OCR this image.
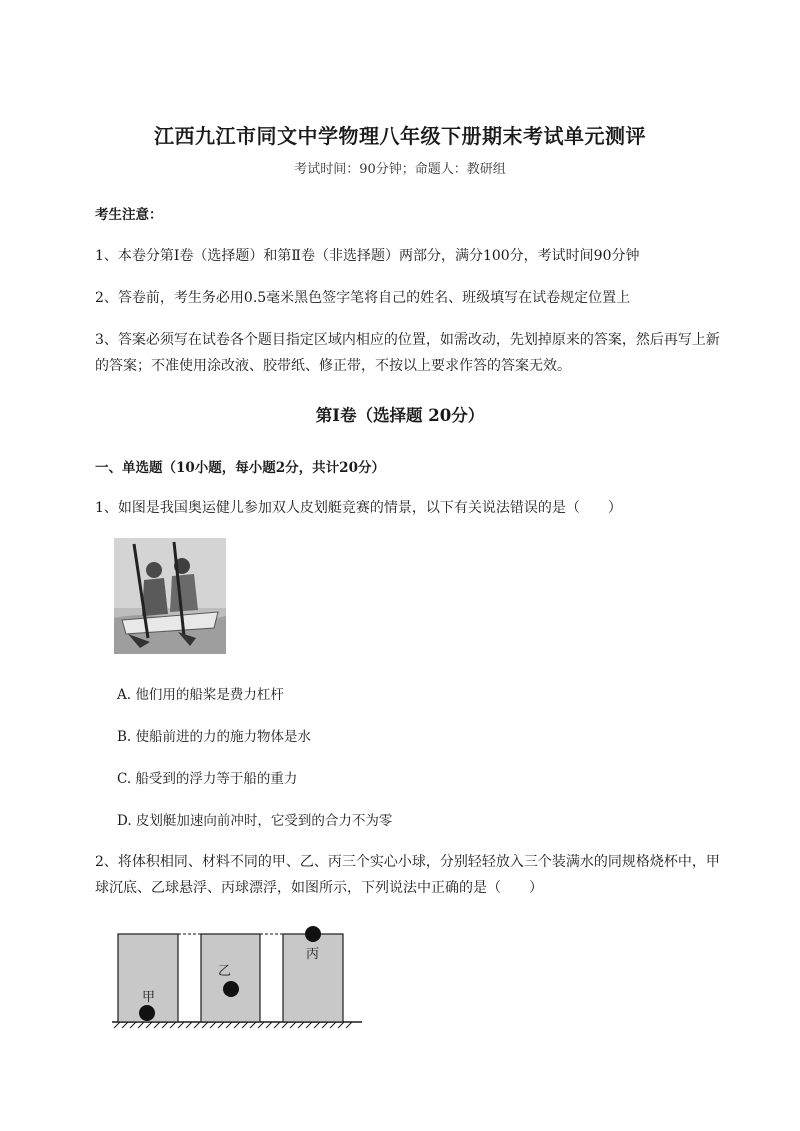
江西九江市同文中学物理八年级下册期末考试单元测评
考试时间：90分钟；命题人：教研组
考生注意：
1、本卷分第I卷（选择题）和第Ⅱ卷（非选择题）两部分，满分100分，考试时间90分钟
2、答卷前，考生务必用0.5毫米黑色签字笔将自己的姓名、班级填写在试卷规定位置上
3、答案必须写在试卷各个题目指定区域内相应的位置，如需改动，先划掉原来的答案，然后再写上新
的答案；不准使用涂改液、胶带纸、修正带，不按以上要求作答的答案无效。
第I卷（选择题 20分）
一、单选题（10小题，每小题2分，共计20分）
1、如图是我国奥运健儿参加双人皮划艇竞赛的情景，以下有关说法错误的是（　　）
A. 他们用的船桨是费力杠杆
B. 使船前进的力的施力物体是水
C. 船受到的浮力等于船的重力
D. 皮划艇加速向前冲时，它受到的合力不为零
2、将体积相同、材料不同的甲、乙、丙三个实心小球，分别轻轻放入三个装满水的同规格烧杯中，甲
球沉底、乙球悬浮、丙球漂浮，如图所示，下列说法中正确的是（　　）
甲
乙
丙
